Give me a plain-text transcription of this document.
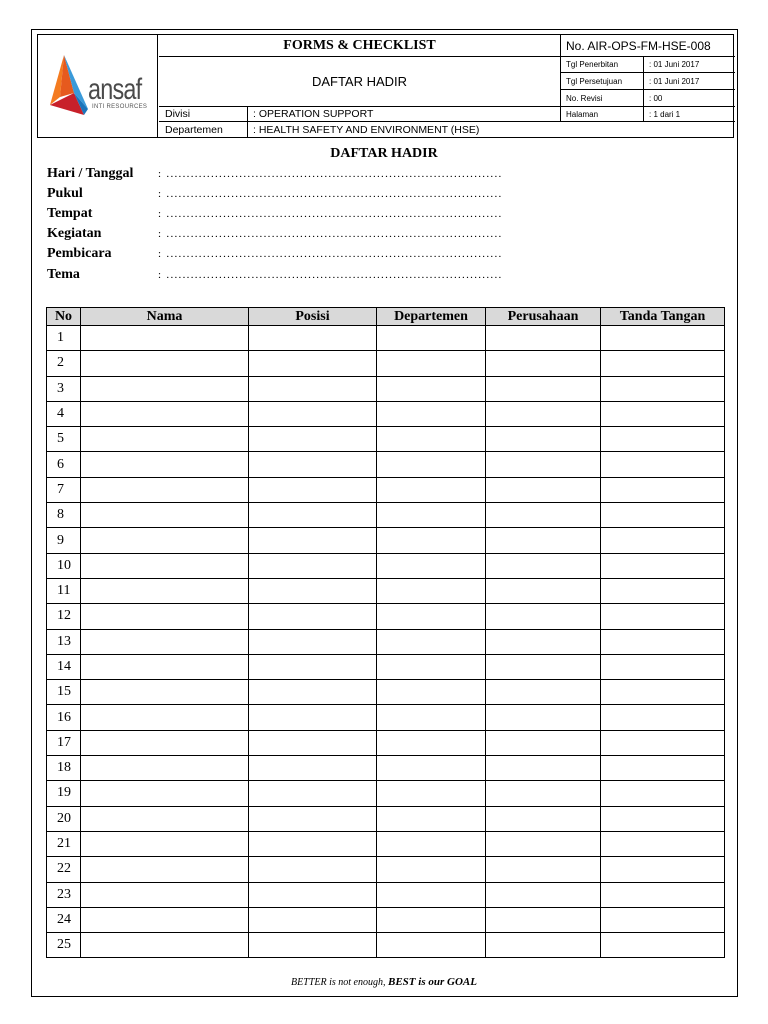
ansaf
INTI RESOURCES
FORMS & CHECKLIST
DAFTAR HADIR
No. AIR-OPS-FM-HSE-008
Tgl Penerbitan	: 01 Juni 2017
Tgl Persetujuan	: 01 Juni 2017
No. Revisi	: 00
Halaman	: 1 dari 1
Divisi	: OPERATION SUPPORT
Departemen	: HEALTH SAFETY AND ENVIRONMENT (HSE)
DAFTAR HADIR
Hari / Tanggal : ...................................................................................
Pukul	: ...................................................................................
Tempat	: ...................................................................................
Kegiatan	: ...................................................................................
Pembicara	: ...................................................................................
Tema	: ...................................................................................
No	Nama	Posisi	Departemen	Perusahaan	Tanda Tangan
1					
2					
3					
4					
5					
6					
7					
8					
9					
10					
11					
12					
13					
14					
15					
16					
17					
18					
19					
20					
21					
22					
23					
24					
25					
BETTER is not enough, BEST is our GOAL
